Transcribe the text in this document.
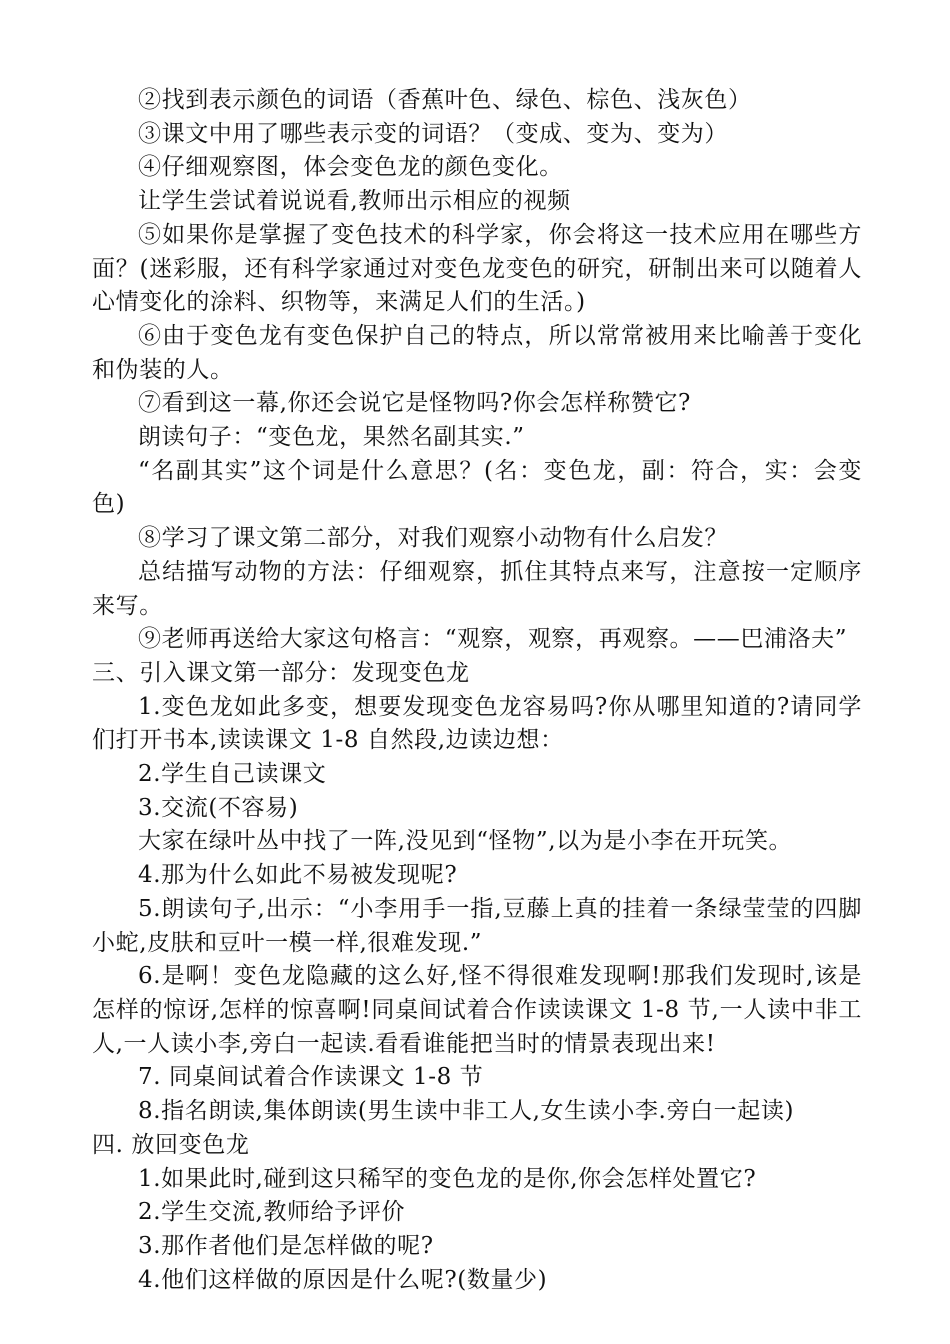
②找到表示颜色的词语（香蕉叶色、绿色、棕色、浅灰色）

③课文中用了哪些表示变的词语？（变成、变为、变为）

④仔细观察图，体会变色龙的颜色变化。

让学生尝试着说说看,教师出示相应的视频

⑤如果你是掌握了变色技术的科学家，你会将这一技术应用在哪些方面？(迷彩服，还有科学家通过对变色龙变色的研究，研制出来可以随着人心情变化的涂料、织物等，来满足人们的生活。)

⑥由于变色龙有变色保护自己的特点，所以常常被用来比喻善于变化和伪装的人。

⑦看到这一幕,你还会说它是怪物吗?你会怎样称赞它?

朗读句子：“变色龙，果然名副其实.”

“名副其实”这个词是什么意思？(名：变色龙，副：符合，实：会变色)

⑧学习了课文第二部分，对我们观察小动物有什么启发？

总结描写动物的方法：仔细观察，抓住其特点来写，注意按一定顺序来写。

⑨老师再送给大家这句格言：“观察，观察，再观察。——巴浦洛夫”

三、引入课文第一部分：发现变色龙

1.变色龙如此多变，想要发现变色龙容易吗?你从哪里知道的?请同学们打开书本,读读课文 1-8 自然段,边读边想：

2.学生自己读课文

3.交流(不容易)

大家在绿叶丛中找了一阵,没见到“怪物”,以为是小李在开玩笑。

4.那为什么如此不易被发现呢?

5.朗读句子,出示：“小李用手一指,豆藤上真的挂着一条绿莹莹的四脚小蛇,皮肤和豆叶一模一样,很难发现.”

6.是啊！变色龙隐藏的这么好,怪不得很难发现啊!那我们发现时,该是怎样的惊讶,怎样的惊喜啊!同桌间试着合作读读课文 1-8 节,一人读中非工人,一人读小李,旁白一起读.看看谁能把当时的情景表现出来!

7. 同桌间试着合作读课文 1-8 节

8.指名朗读,集体朗读(男生读中非工人,女生读小李.旁白一起读)

四. 放回变色龙

1.如果此时,碰到这只稀罕的变色龙的是你,你会怎样处置它?

2.学生交流,教师给予评价

3.那作者他们是怎样做的呢?

4.他们这样做的原因是什么呢?(数量少)
